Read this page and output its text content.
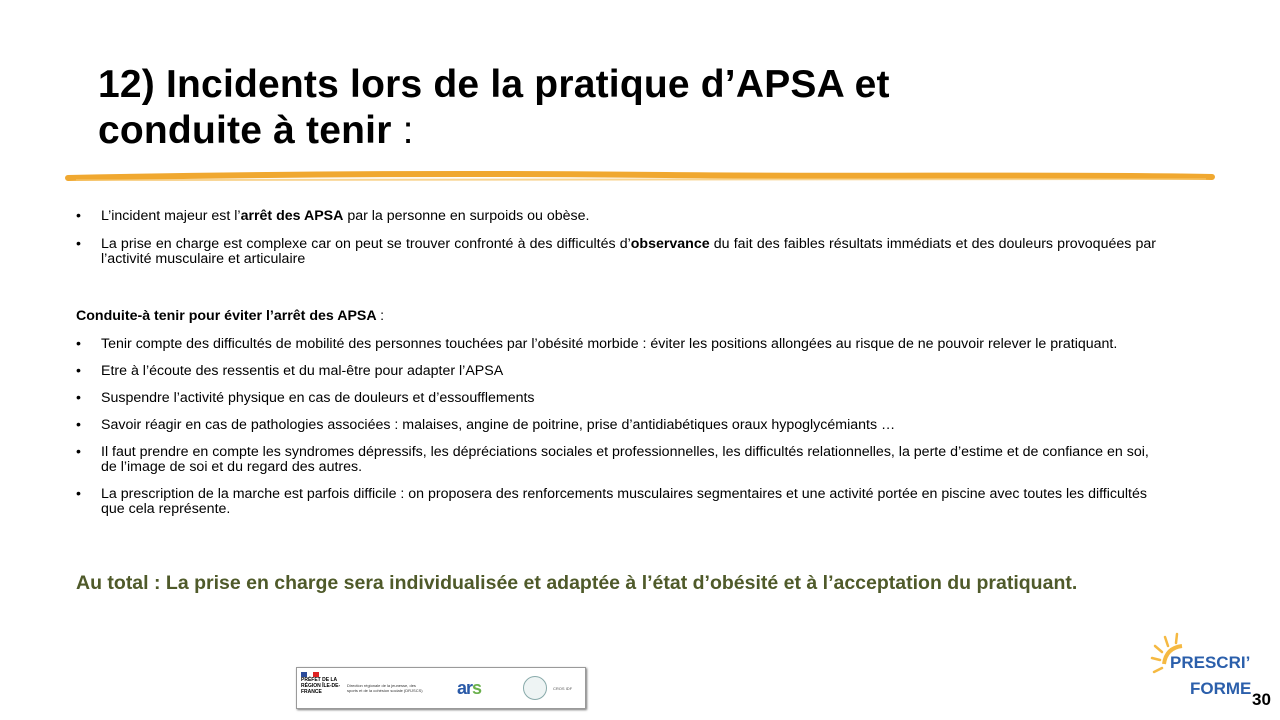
12) Incidents lors de la pratique d’APSA et
conduite à tenir :

• L’incident majeur est l’arrêt des APSA par la personne en surpoids ou obèse.

• La prise en charge est complexe car on peut se trouver confronté à des difficultés d’observance du fait des faibles résultats immédiats et des douleurs provoquées par l’activité musculaire et articulaire

Conduite-à tenir pour éviter l’arrêt des APSA :

• Tenir compte des difficultés de mobilité des personnes touchées par l’obésité morbide : éviter les positions allongées au risque de ne pouvoir relever le pratiquant.

• Etre à l’écoute des ressentis et du mal-être pour adapter l’APSA

• Suspendre l’activité physique en cas de douleurs et d’essoufflements

• Savoir réagir en cas de pathologies associées : malaises, angine de poitrine, prise d’antidiabétiques oraux hypoglycémiants …

• Il faut prendre en compte les syndromes dépressifs, les dépréciations sociales et professionnelles, les difficultés relationnelles, la perte d’estime et de confiance en soi, de l’image de soi et du regard des autres.

• La prescription de la marche est parfois difficile : on proposera des renforcements musculaires segmentaires et une activité portée en piscine avec toutes les difficultés que cela représente.

Au total : La prise en charge sera individualisée et adaptée à l’état d’obésité et à l’acceptation du pratiquant.
PRÉFET DE LA RÉGION ÎLE-DE-FRANCE
Direction régionale de la jeunesse, des sports et de la cohésion sociale (DRJSCS) ars	CROS IDF
PRESCRI’
FORME
30
